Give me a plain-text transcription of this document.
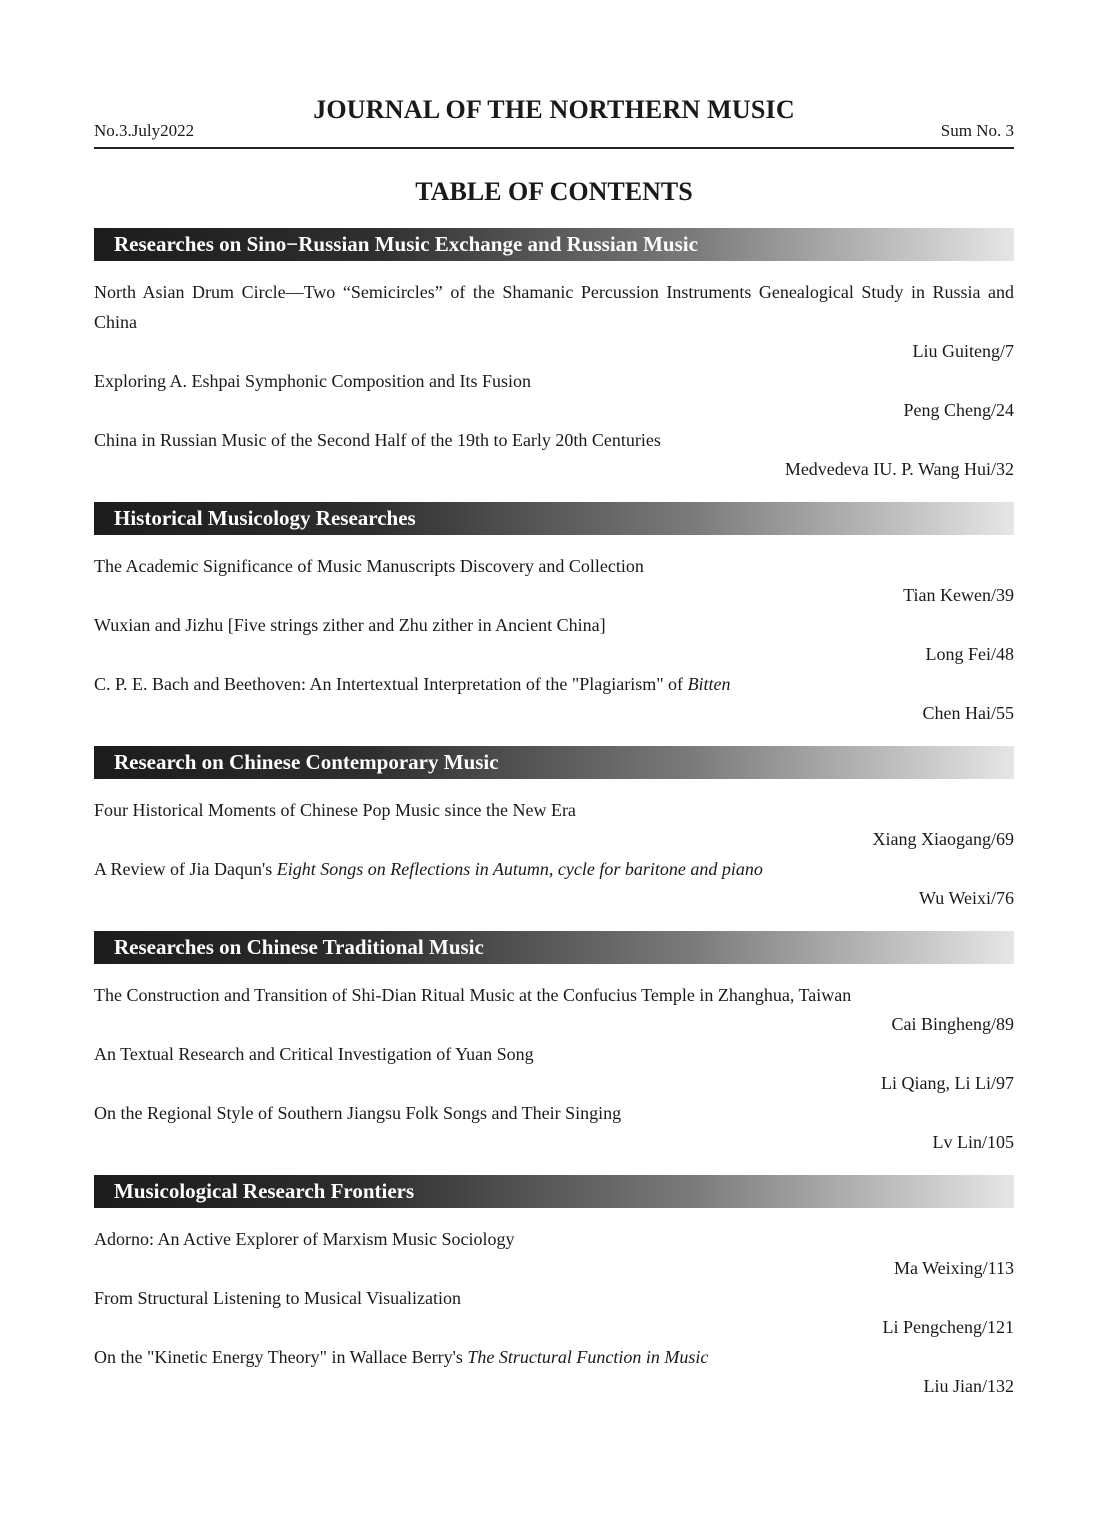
JOURNAL OF THE NORTHERN MUSIC
No.3.July2022	Sum No. 3
TABLE OF CONTENTS
Researches on Sino−Russian Music Exchange and Russian Music
North Asian Drum Circle—Two “Semicircles” of the Shamanic Percussion Instruments Genealogical Study in Russia and China
Liu Guiteng/7
Exploring A. Eshpai Symphonic Composition and Its Fusion
Peng Cheng/24
China in Russian Music of the Second Half of the 19th to Early 20th Centuries
Medvedeva IU. P. Wang Hui/32
Historical Musicology Researches
The Academic Significance of Music Manuscripts Discovery and Collection
Tian Kewen/39
Wuxian and Jizhu [Five strings zither and Zhu zither in Ancient China]
Long Fei/48
C. P. E. Bach and Beethoven: An Intertextual Interpretation of the "Plagiarism" of Bitten
Chen Hai/55
Research on Chinese Contemporary Music
Four Historical Moments of Chinese Pop Music since the New Era
Xiang Xiaogang/69
A Review of Jia Daqun's Eight Songs on Reflections in Autumn, cycle for baritone and piano
Wu Weixi/76
Researches on Chinese Traditional Music
The Construction and Transition of Shi-Dian Ritual Music at the Confucius Temple in Zhanghua, Taiwan
Cai Bingheng/89
An Textual Research and Critical Investigation of Yuan Song
Li Qiang, Li Li/97
On the Regional Style of Southern Jiangsu Folk Songs and Their Singing
Lv Lin/105
Musicological Research Frontiers
Adorno: An Active Explorer of Marxism Music Sociology
Ma Weixing/113
From Structural Listening to Musical Visualization
Li Pengcheng/121
On the "Kinetic Energy Theory" in Wallace Berry's The Structural Function in Music
Liu Jian/132
